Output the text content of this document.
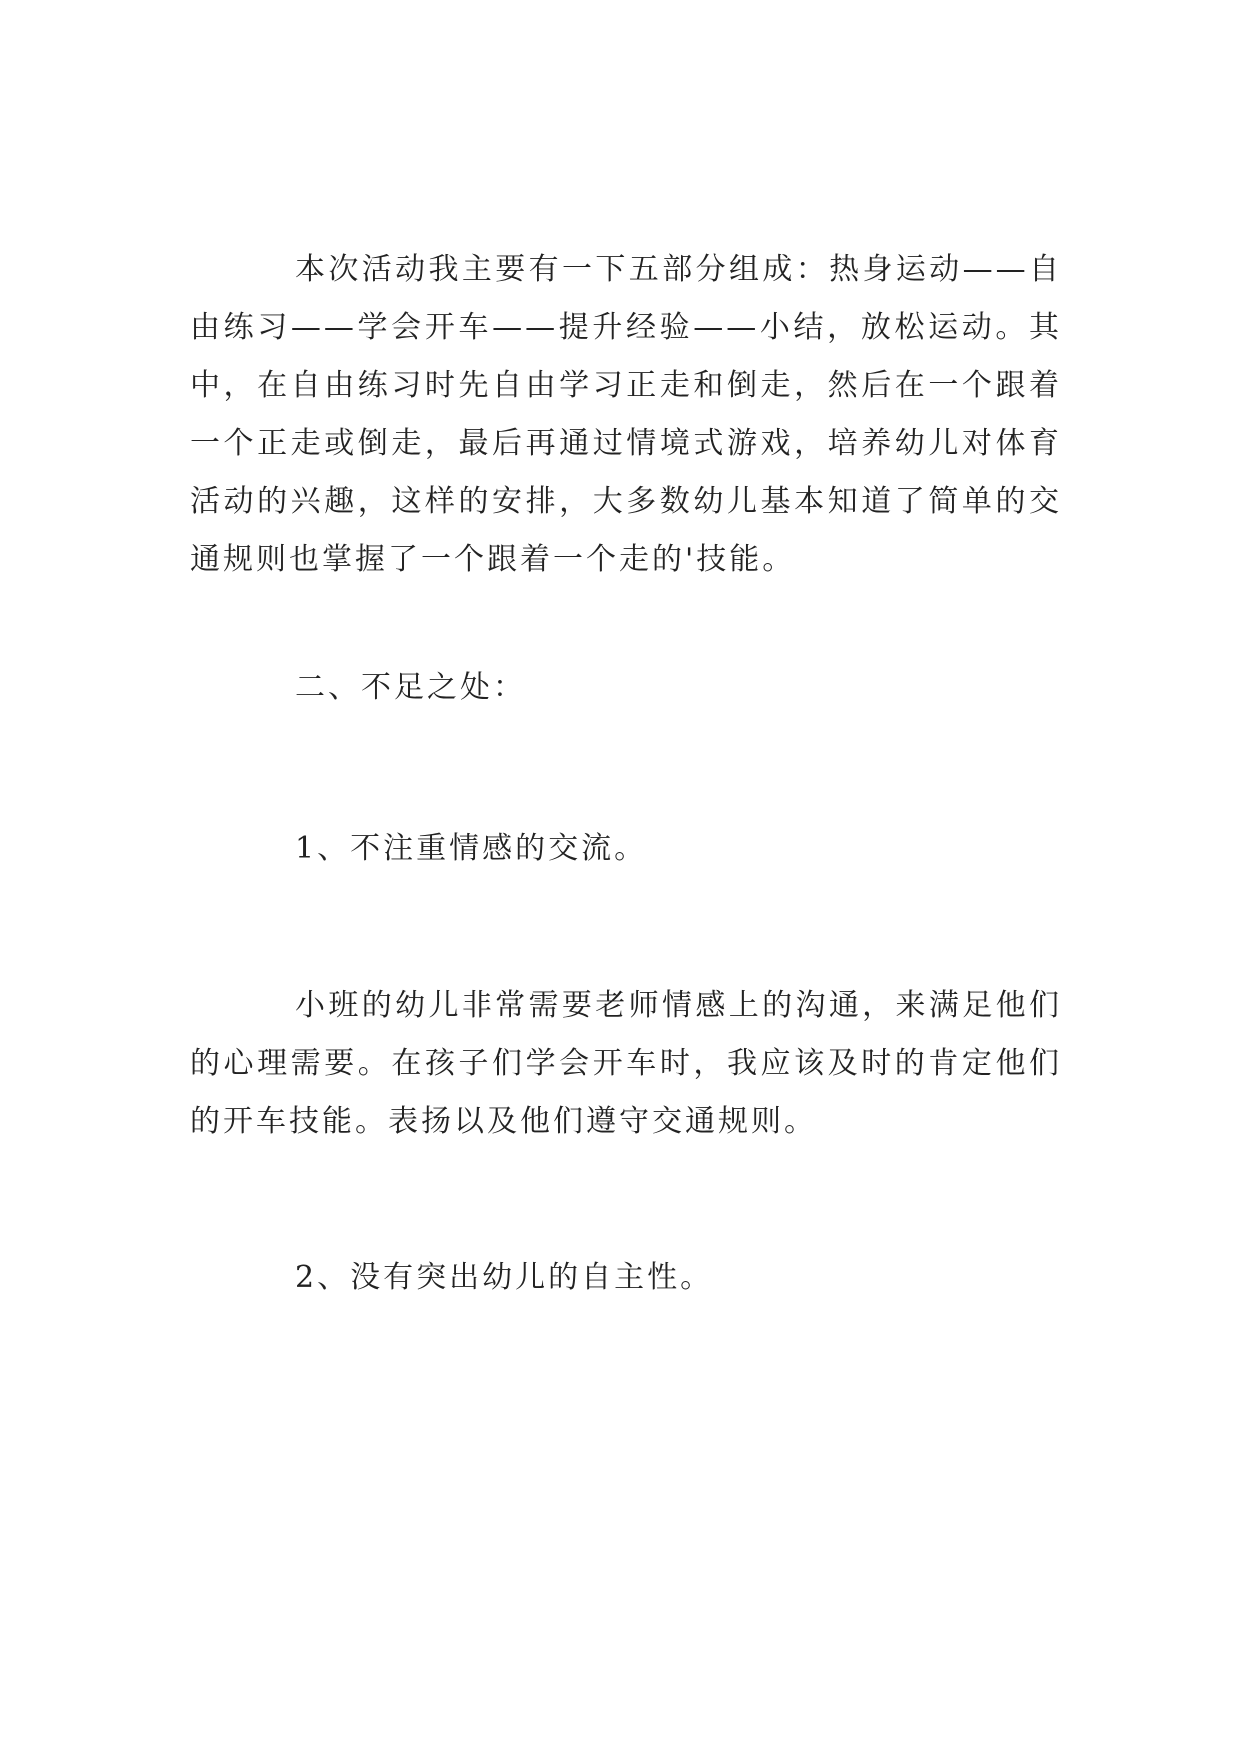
本次活动我主要有一下五部分组成：热身运动——自由练习——学会开车——提升经验——小结，放松运动。其中，在自由练习时先自由学习正走和倒走，然后在一个跟着一个正走或倒走，最后再通过情境式游戏，培养幼儿对体育活动的兴趣，这样的安排，大多数幼儿基本知道了简单的交通规则也掌握了一个跟着一个走的'技能。

二、不足之处：

1、不注重情感的交流。

小班的幼儿非常需要老师情感上的沟通，来满足他们的心理需要。在孩子们学会开车时，我应该及时的肯定他们的开车技能。表扬以及他们遵守交通规则。

2、没有突出幼儿的自主性。
